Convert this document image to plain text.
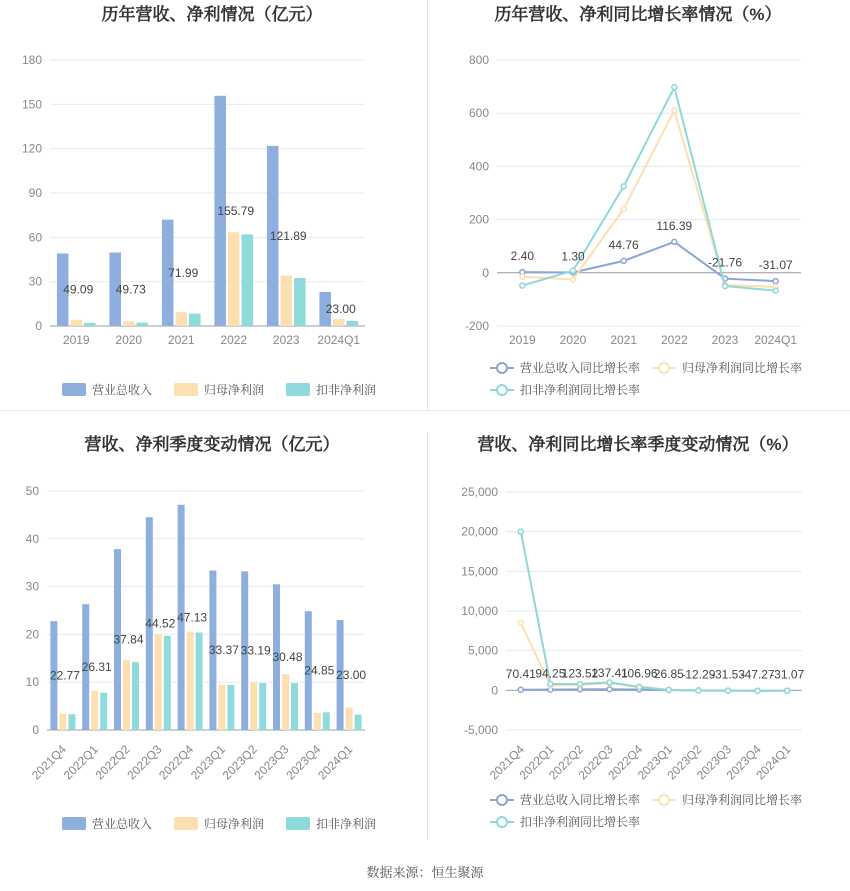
历年营收、净利情况（亿元）
0
30
60
90
120
150
180
2019 2020 2021 2022 2023 2024Q1
49.09 49.73
71.99
155.79
121.89
23.00
营业总收入	归母净利润	扣非净利润
历年营收、净利同比增长率情况（%）
-200
0
200
400
600
800
2019 2020 2021 2022 2023 2024Q1
2.40 1.30
44.76
116.39
-21.76 -31.07
营业总收入同比增长率	归母净利润同比增长率
扣非净利润同比增长率
营收、净利季度变动情况（亿元）
0
10
20
30
40
50
2021Q4
2022Q1
2022Q2
2022Q3
2022Q4
2023Q1
2023Q2
2023Q3
2023Q4
2024Q1
22.77
26.31
37.84
44.52 47.13
33.37 33.19 30.48
24.85 23.00
营业总收入	归母净利润	扣非净利润
营收、净利同比增长率季度变动情况（%）
-5,000
0
5,000
10,000
15,000
20,000
25,000
2021Q4
2022Q1
2022Q2
2022Q3
2022Q4
2023Q1
2023Q2
2023Q3
2023Q4
2024Q1
70.41 94.25
123.52
137.41
106.96
26.85
-12.29
-31.53
-47.27
-31.07
营业总收入同比增长率	归母净利润同比增长率
扣非净利润同比增长率
数据来源：恒生聚源
